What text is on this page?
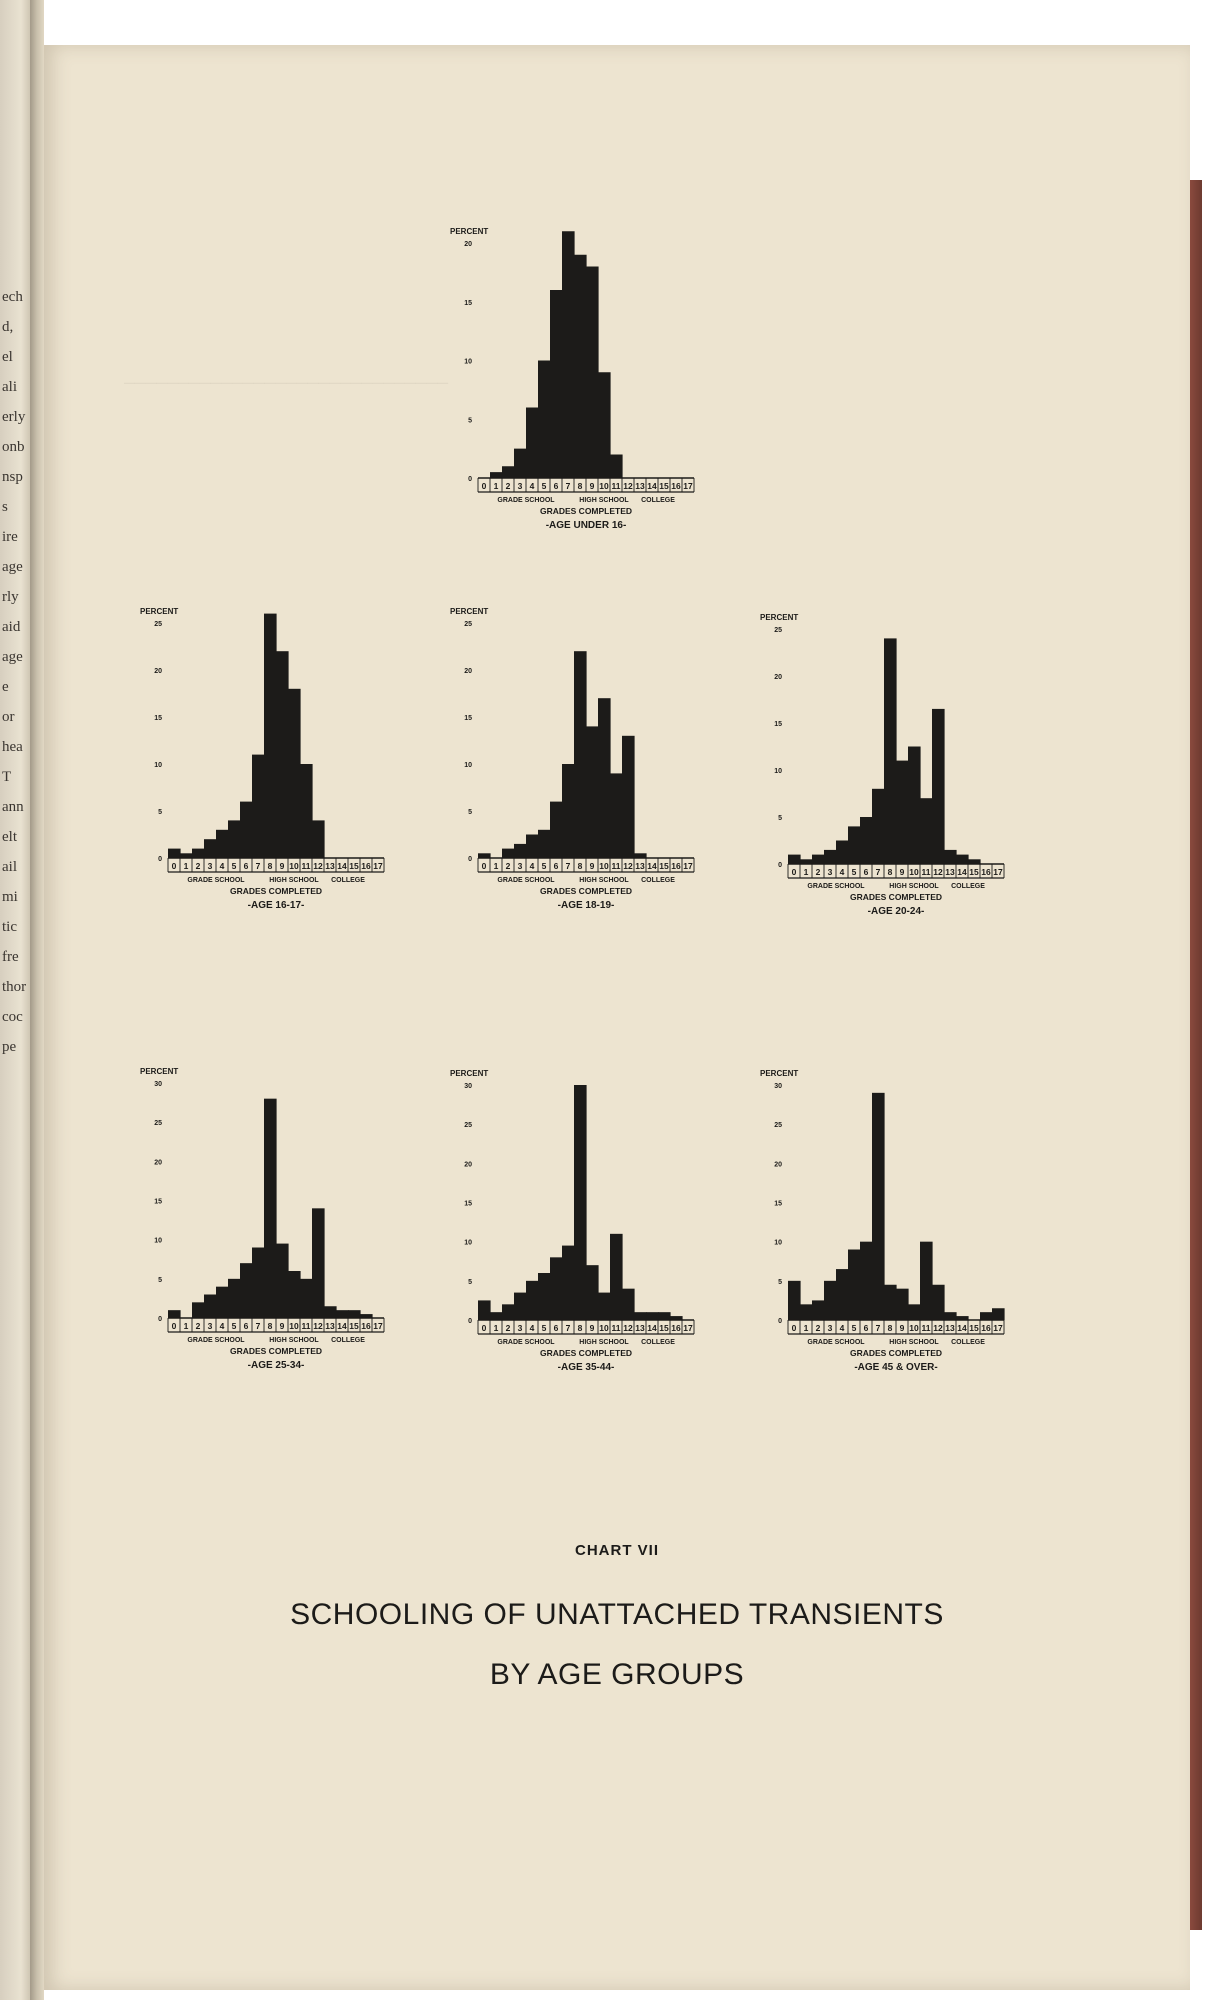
ech
d,
el
ali
erly
onb
nsp
s
ire
age
rly
aid
age
e
or
hea
T
ann
elt
ail
mi
tic
fre
thor
coc
pe
──────────────────────────────
PERCENT
0
5
10
15
20
0 1 2 3 4 5 6 7 8 9 10 11 12 13 14 15 16 17
GRADE SCHOOL	HIGH SCHOOL COLLEGE
GRADES COMPLETED
-AGE UNDER 16-
PERCENT
0
5
10
15
20
25
0 1 2 3 4 5 6 7 8 9 10 11 12 13 14 15 16 17
GRADE SCHOOL	HIGH SCHOOL COLLEGE
GRADES COMPLETED
-AGE 16-17-
PERCENT
0
5
10
15
20
25
0 1 2 3 4 5 6 7 8 9 10 11 12 13 14 15 16 17
GRADE SCHOOL	HIGH SCHOOL COLLEGE
GRADES COMPLETED
-AGE 18-19-
PERCENT
0
5
10
15
20
25
0 1 2 3 4 5 6 7 8 9 10 11 12 13 14 15 16 17
GRADE SCHOOL	HIGH SCHOOL COLLEGE
GRADES COMPLETED
-AGE 20-24-
PERCENT
0
5
10
15
20
25
30
0 1 2 3 4 5 6 7 8 9 10 11 12 13 14 15 16 17
GRADE SCHOOL	HIGH SCHOOL COLLEGE
GRADES COMPLETED
-AGE 25-34-
PERCENT
0
5
10
15
20
25
30
0 1 2 3 4 5 6 7 8 9 10 11 12 13 14 15 16 17
GRADE SCHOOL	HIGH SCHOOL COLLEGE
GRADES COMPLETED
-AGE 35-44-
PERCENT
0
5
10
15
20
25
30
0 1 2 3 4 5 6 7 8 9 10 11 12 13 14 15 16 17
GRADE SCHOOL	HIGH SCHOOL COLLEGE
GRADES COMPLETED
-AGE 45 & OVER-
CHART VII
SCHOOLING OF UNATTACHED TRANSIENTS
BY AGE GROUPS
